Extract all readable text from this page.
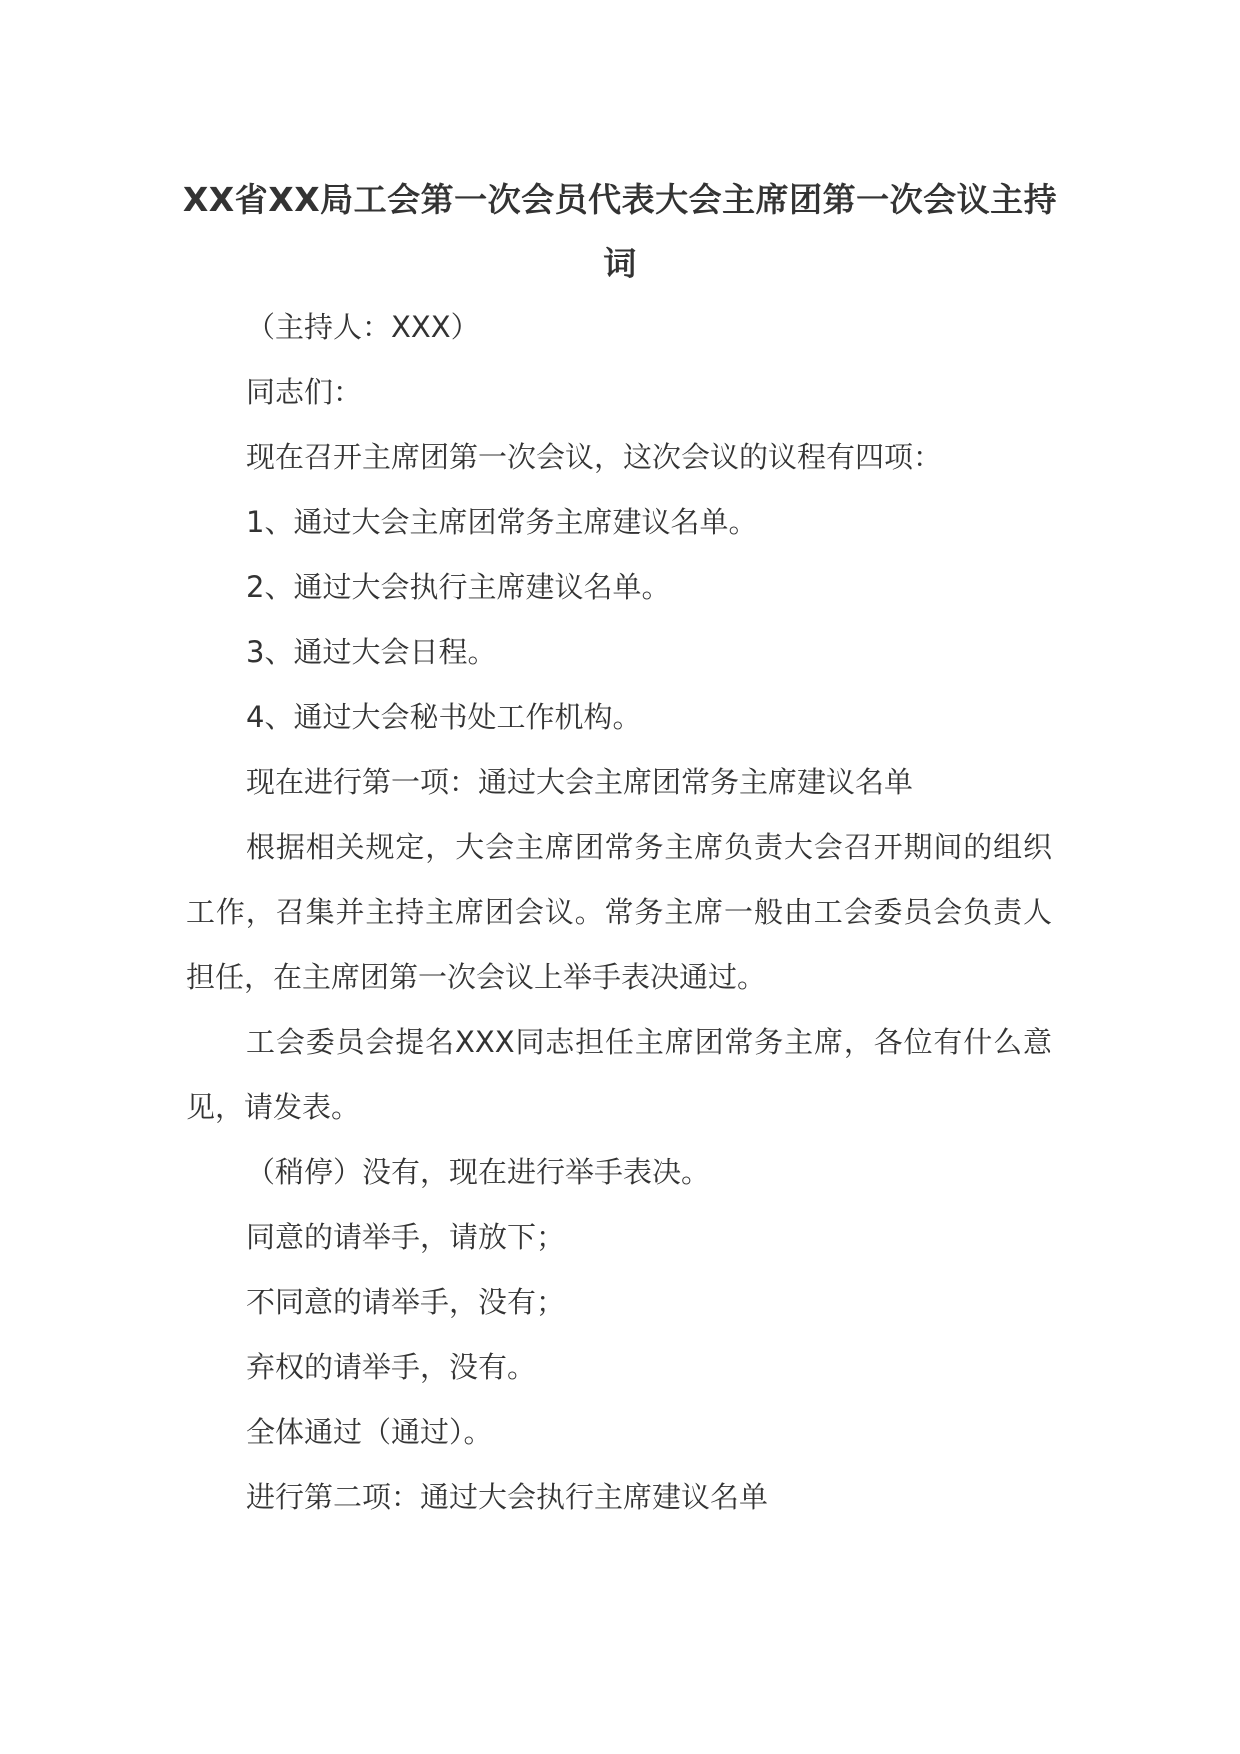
XX省XX局工会第一次会员代表大会主席团第一次会议主持词

（主持人：XXX）

同志们：

现在召开主席团第一次会议，这次会议的议程有四项：

1、通过大会主席团常务主席建议名单。

2、通过大会执行主席建议名单。

3、通过大会日程。

4、通过大会秘书处工作机构。

现在进行第一项：通过大会主席团常务主席建议名单

根据相关规定，大会主席团常务主席负责大会召开期间的组织工作，召集并主持主席团会议。常务主席一般由工会委员会负责人担任，在主席团第一次会议上举手表决通过。

工会委员会提名XXX同志担任主席团常务主席，各位有什么意见，请发表。

（稍停）没有，现在进行举手表决。

同意的请举手，请放下；

不同意的请举手，没有；

弃权的请举手，没有。

全体通过（通过）。

进行第二项：通过大会执行主席建议名单
